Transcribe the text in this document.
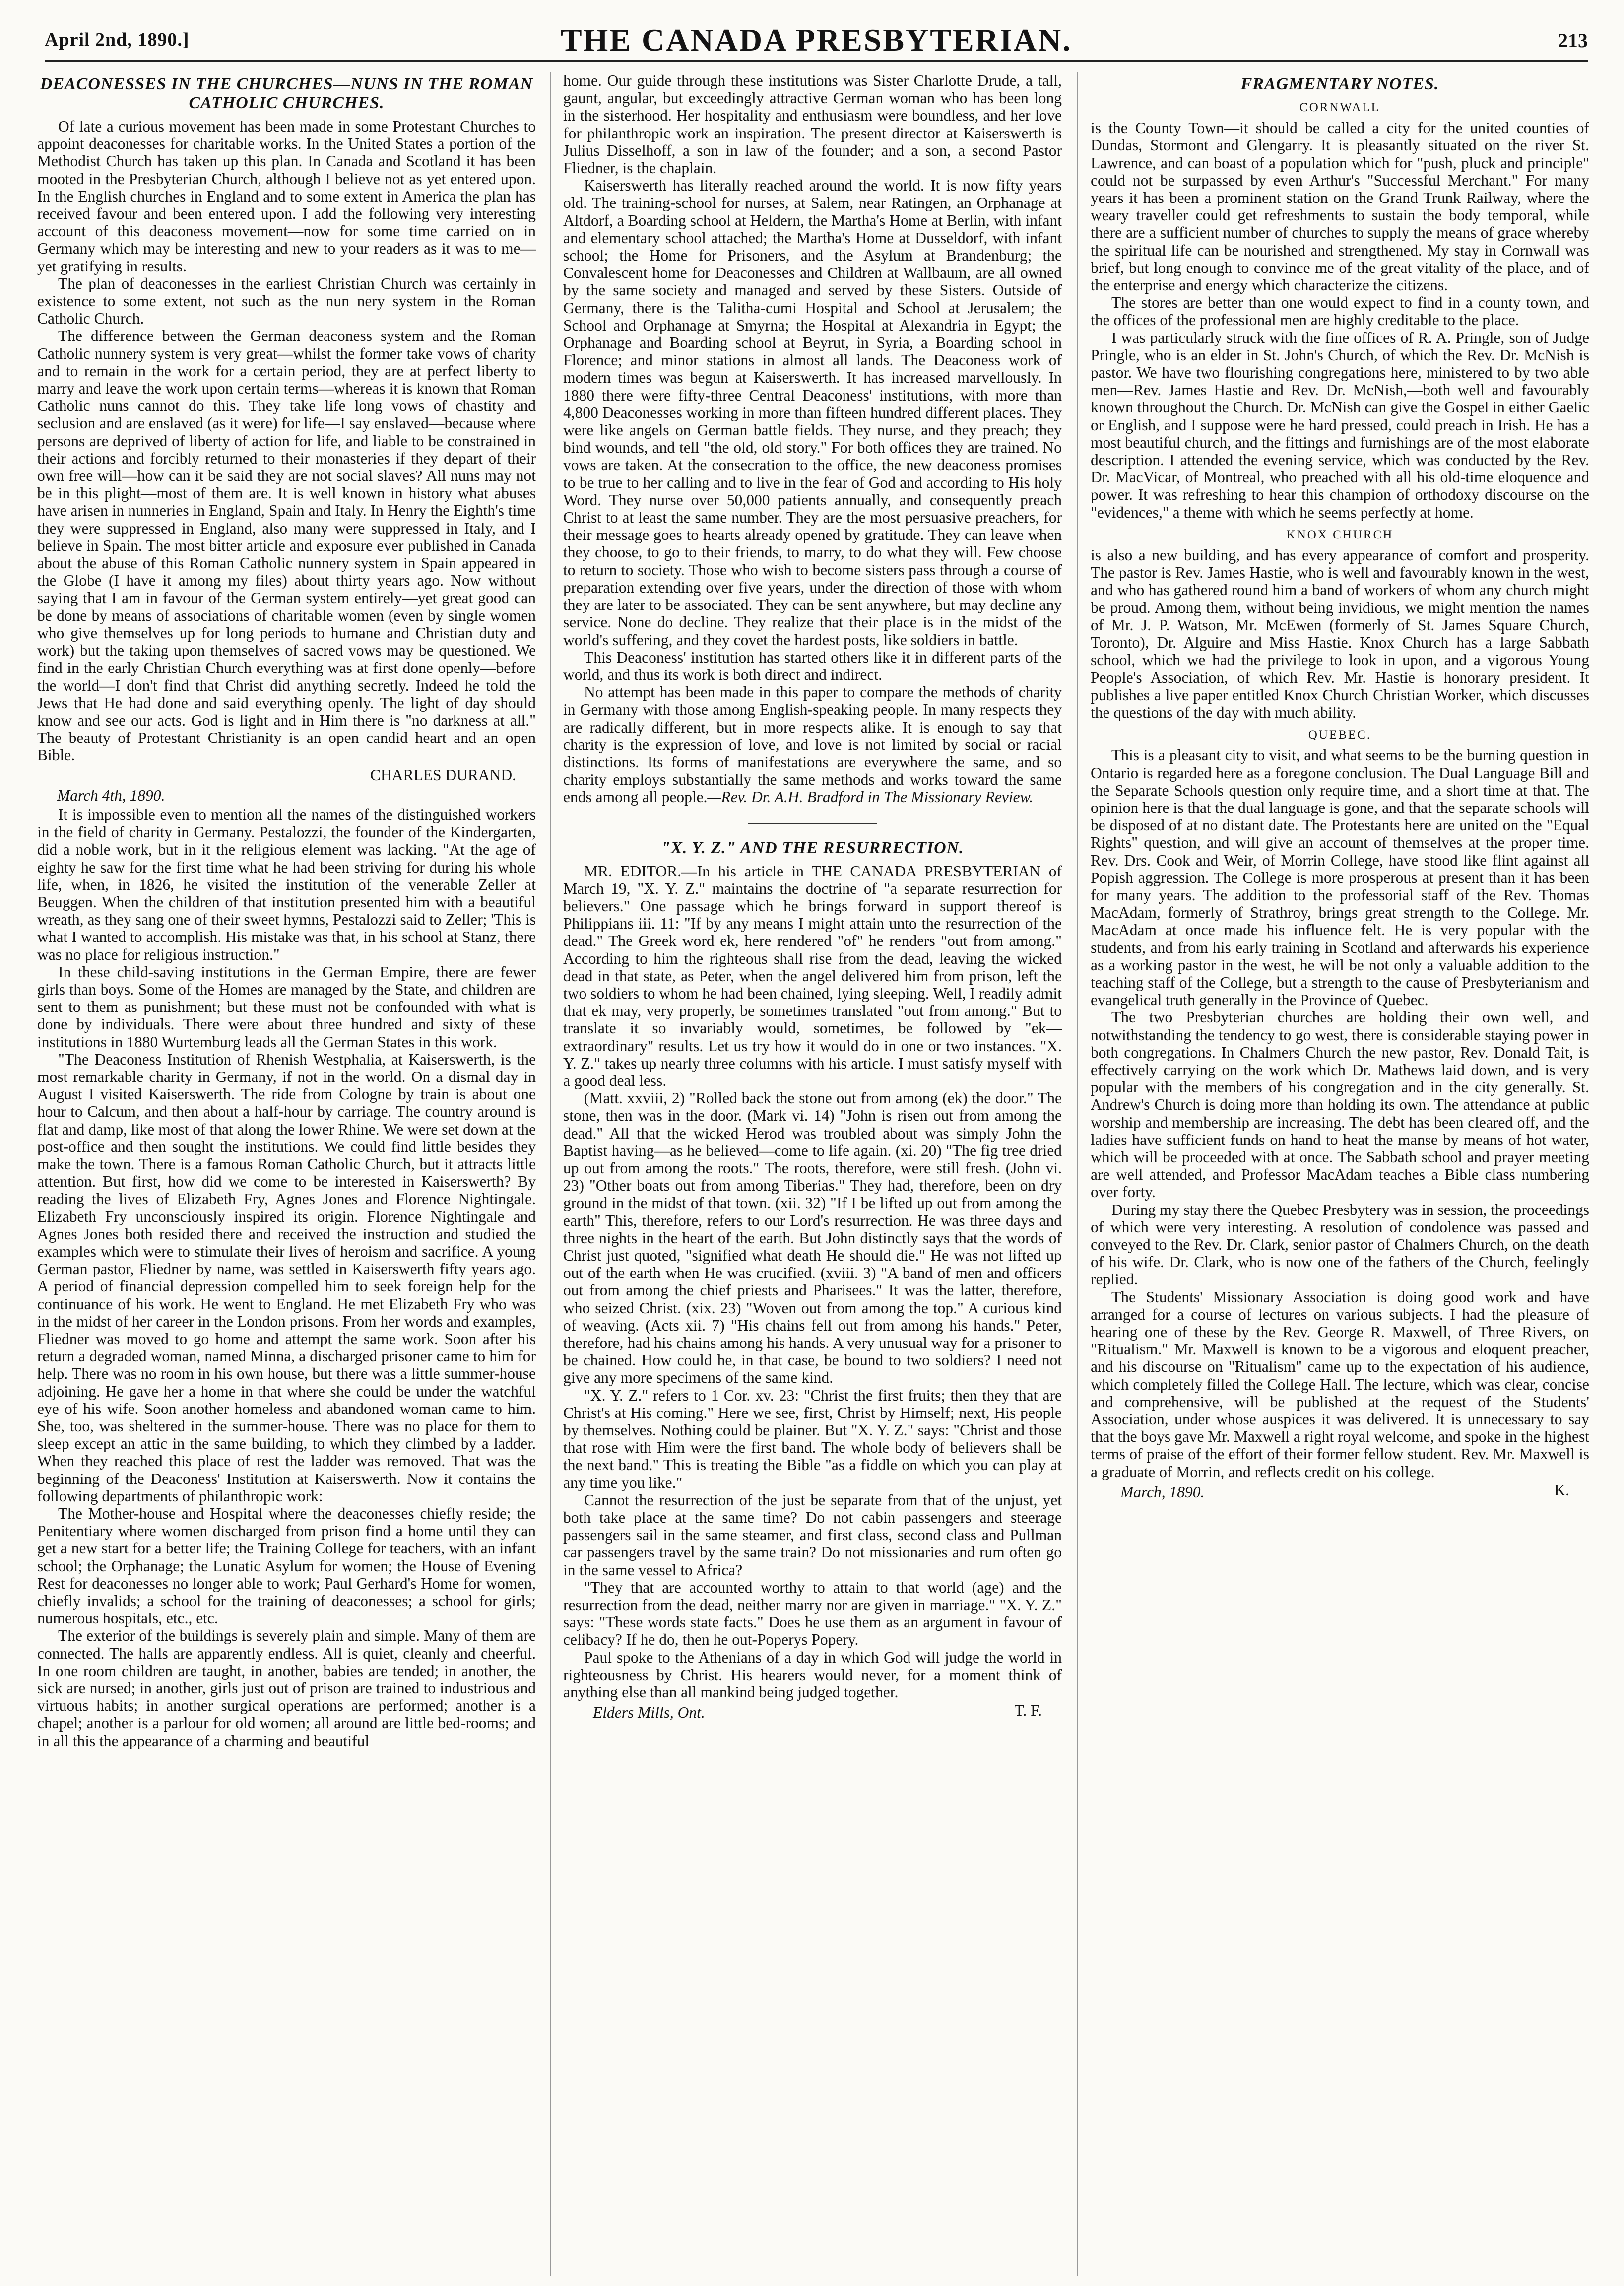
April 2nd, 1890.]	THE CANADA PRESBYTERIAN.	213
DEACONESSES IN THE CHURCHES—NUNS IN THE ROMAN CATHOLIC CHURCHES.

Of late a curious movement has been made in some Protestant Churches to appoint deaconesses for charitable works. In the United States a portion of the Methodist Church has taken up this plan. In Canada and Scotland it has been mooted in the Presbyterian Church, although I believe not as yet entered upon. In the English churches in England and to some extent in America the plan has received favour and been entered upon. I add the following very interesting account of this deaconess movement—now for some time carried on in Germany which may be interesting and new to your readers as it was to me—yet gratifying in results.

The plan of deaconesses in the earliest Christian Church was certainly in existence to some extent, not such as the nun nery system in the Roman Catholic Church.

The difference between the German deaconess system and the Roman Catholic nunnery system is very great—whilst the former take vows of charity and to remain in the work for a certain period, they are at perfect liberty to marry and leave the work upon certain terms—whereas it is known that Roman Catholic nuns cannot do this. They take life long vows of chastity and seclusion and are enslaved (as it were) for life—I say enslaved—because where persons are deprived of liberty of action for life, and liable to be constrained in their actions and forcibly returned to their monasteries if they depart of their own free will—how can it be said they are not social slaves? All nuns may not be in this plight—most of them are. It is well known in history what abuses have arisen in nunneries in England, Spain and Italy. In Henry the Eighth's time they were suppressed in England, also many were suppressed in Italy, and I believe in Spain. The most bitter article and exposure ever published in Canada about the abuse of this Roman Catholic nunnery system in Spain appeared in the Globe (I have it among my files) about thirty years ago. Now without saying that I am in favour of the German system entirely—yet great good can be done by means of associations of charitable women (even by single women who give themselves up for long periods to humane and Christian duty and work) but the taking upon themselves of sacred vows may be questioned. We find in the early Christian Church everything was at first done openly—before the world—I don't find that Christ did anything secretly. Indeed he told the Jews that He had done and said everything openly. The light of day should know and see our acts. God is light and in Him there is "no darkness at all." The beauty of Protestant Christianity is an open candid heart and an open Bible.

CHARLES DURAND.
March 4th, 1890.

It is impossible even to mention all the names of the distinguished workers in the field of charity in Germany. Pestalozzi, the founder of the Kindergarten, did a noble work, but in it the religious element was lacking. "At the age of eighty he saw for the first time what he had been striving for during his whole life, when, in 1826, he visited the institution of the venerable Zeller at Beuggen. When the children of that institution presented him with a beautiful wreath, as they sang one of their sweet hymns, Pestalozzi said to Zeller; 'This is what I wanted to accomplish. His mistake was that, in his school at Stanz, there was no place for religious instruction."

In these child-saving institutions in the German Empire, there are fewer girls than boys. Some of the Homes are managed by the State, and children are sent to them as punishment; but these must not be confounded with what is done by individuals. There were about three hundred and sixty of these institutions in 1880 Wurtemburg leads all the German States in this work.

"The Deaconess Institution of Rhenish Westphalia, at Kaiserswerth, is the most remarkable charity in Germany, if not in the world. On a dismal day in August I visited Kaiserswerth. The ride from Cologne by train is about one hour to Calcum, and then about a half-hour by carriage. The country around is flat and damp, like most of that along the lower Rhine. We were set down at the post-office and then sought the institutions. We could find little besides they make the town. There is a famous Roman Catholic Church, but it attracts little attention. But first, how did we come to be interested in Kaiserswerth? By reading the lives of Elizabeth Fry, Agnes Jones and Florence Nightingale. Elizabeth Fry unconsciously inspired its origin. Florence Nightingale and Agnes Jones both resided there and received the instruction and studied the examples which were to stimulate their lives of heroism and sacrifice. A young German pastor, Fliedner by name, was settled in Kaiserswerth fifty years ago. A period of financial depression compelled him to seek foreign help for the continuance of his work. He went to England. He met Elizabeth Fry who was in the midst of her career in the London prisons. From her words and examples, Fliedner was moved to go home and attempt the same work. Soon after his return a degraded woman, named Minna, a discharged prisoner came to him for help. There was no room in his own house, but there was a little summer-house adjoining. He gave her a home in that where she could be under the watchful eye of his wife. Soon another homeless and abandoned woman came to him. She, too, was sheltered in the summer-house. There was no place for them to sleep except an attic in the same building, to which they climbed by a ladder. When they reached this place of rest the ladder was removed. That was the beginning of the Deaconess' Institution at Kaiserswerth. Now it contains the following departments of philanthropic work:

The Mother-house and Hospital where the deaconesses chiefly reside; the Penitentiary where women discharged from prison find a home until they can get a new start for a better life; the Training College for teachers, with an infant school; the Orphanage; the Lunatic Asylum for women; the House of Evening Rest for deaconesses no longer able to work; Paul Gerhard's Home for women, chiefly invalids; a school for the training of deaconesses; a school for girls; numerous hospitals, etc., etc.

The exterior of the buildings is severely plain and simple. Many of them are connected. The halls are apparently endless. All is quiet, cleanly and cheerful. In one room children are taught, in another, babies are tended; in another, the sick are nursed; in another, girls just out of prison are trained to industrious and virtuous habits; in another surgical operations are performed; another is a chapel; another is a parlour for old women; all around are little bed-rooms; and in all this the appearance of a charming and beautiful

home. Our guide through these institutions was Sister Charlotte Drude, a tall, gaunt, angular, but exceedingly attractive German woman who has been long in the sisterhood. Her hospitality and enthusiasm were boundless, and her love for philanthropic work an inspiration. The present director at Kaiserswerth is Julius Disselhoff, a son in law of the founder; and a son, a second Pastor Fliedner, is the chaplain.

Kaiserswerth has literally reached around the world. It is now fifty years old. The training-school for nurses, at Salem, near Ratingen, an Orphanage at Altdorf, a Boarding school at Heldern, the Martha's Home at Berlin, with infant and elementary school attached; the Martha's Home at Dusseldorf, with infant school; the Home for Prisoners, and the Asylum at Brandenburg; the Convalescent home for Deaconesses and Children at Wallbaum, are all owned by the same society and managed and served by these Sisters. Outside of Germany, there is the Talitha-cumi Hospital and School at Jerusalem; the School and Orphanage at Smyrna; the Hospital at Alexandria in Egypt; the Orphanage and Boarding school at Beyrut, in Syria, a Boarding school in Florence; and minor stations in almost all lands. The Deaconess work of modern times was begun at Kaiserswerth. It has increased marvellously. In 1880 there were fifty-three Central Deaconess' institutions, with more than 4,800 Deaconesses working in more than fifteen hundred different places. They were like angels on German battle fields. They nurse, and they preach; they bind wounds, and tell "the old, old story." For both offices they are trained. No vows are taken. At the consecration to the office, the new deaconess promises to be true to her calling and to live in the fear of God and according to His holy Word. They nurse over 50,000 patients annually, and consequently preach Christ to at least the same number. They are the most persuasive preachers, for their message goes to hearts already opened by gratitude. They can leave when they choose, to go to their friends, to marry, to do what they will. Few choose to return to society. Those who wish to become sisters pass through a course of preparation extending over five years, under the direction of those with whom they are later to be associated. They can be sent anywhere, but may decline any service. None do decline. They realize that their place is in the midst of the world's suffering, and they covet the hardest posts, like soldiers in battle.

This Deaconess' institution has started others like it in different parts of the world, and thus its work is both direct and indirect.

No attempt has been made in this paper to compare the methods of charity in Germany with those among English-speaking people. In many respects they are radically different, but in more respects alike. It is enough to say that charity is the expression of love, and love is not limited by social or racial distinctions. Its forms of manifestations are everywhere the same, and so charity employs substantially the same methods and works toward the same ends among all people.—Rev. Dr. A.H. Bradford in The Missionary Review.

"X. Y. Z." AND THE RESURRECTION.

MR. EDITOR.—In his article in THE CANADA PRESBYTERIAN of March 19, "X. Y. Z." maintains the doctrine of "a separate resurrection for believers." One passage which he brings forward in support thereof is Philippians iii. 11: "If by any means I might attain unto the resurrection of the dead." The Greek word ek, here rendered "of" he renders "out from among." According to him the righteous shall rise from the dead, leaving the wicked dead in that state, as Peter, when the angel delivered him from prison, left the two soldiers to whom he had been chained, lying sleeping. Well, I readily admit that ek may, very properly, be sometimes translated "out from among." But to translate it so invariably would, sometimes, be followed by "ek—extraordinary" results. Let us try how it would do in one or two instances. "X. Y. Z." takes up nearly three columns with his article. I must satisfy myself with a good deal less.

(Matt. xxviii, 2) "Rolled back the stone out from among (ek) the door." The stone, then was in the door. (Mark vi. 14) "John is risen out from among the dead." All that the wicked Herod was troubled about was simply John the Baptist having—as he believed—come to life again. (xi. 20) "The fig tree dried up out from among the roots." The roots, therefore, were still fresh. (John vi. 23) "Other boats out from among Tiberias." They had, therefore, been on dry ground in the midst of that town. (xii. 32) "If I be lifted up out from among the earth" This, therefore, refers to our Lord's resurrection. He was three days and three nights in the heart of the earth. But John distinctly says that the words of Christ just quoted, "signified what death He should die." He was not lifted up out of the earth when He was crucified. (xviii. 3) "A band of men and officers out from among the chief priests and Pharisees." It was the latter, therefore, who seized Christ. (xix. 23) "Woven out from among the top." A curious kind of weaving. (Acts xii. 7) "His chains fell out from among his hands." Peter, therefore, had his chains among his hands. A very unusual way for a prisoner to be chained. How could he, in that case, be bound to two soldiers? I need not give any more specimens of the same kind.

"X. Y. Z." refers to 1 Cor. xv. 23: "Christ the first fruits; then they that are Christ's at His coming." Here we see, first, Christ by Himself; next, His people by themselves. Nothing could be plainer. But "X. Y. Z." says: "Christ and those that rose with Him were the first band. The whole body of believers shall be the next band." This is treating the Bible "as a fiddle on which you can play at any time you like."

Cannot the resurrection of the just be separate from that of the unjust, yet both take place at the same time? Do not cabin passengers and steerage passengers sail in the same steamer, and first class, second class and Pullman car passengers travel by the same train? Do not missionaries and rum often go in the same vessel to Africa?

"They that are accounted worthy to attain to that world (age) and the resurrection from the dead, neither marry nor are given in marriage." "X. Y. Z." says: "These words state facts." Does he use them as an argument in favour of celibacy? If he do, then he out-Poperys Popery.

Paul spoke to the Athenians of a day in which God will judge the world in righteousness by Christ. His hearers would never, for a moment think of anything else than all mankind being judged together.

Elders Mills, Ont.	T. F.
FRAGMENTARY NOTES.
CORNWALL

is the County Town—it should be called a city for the united counties of Dundas, Stormont and Glengarry. It is pleasantly situated on the river St. Lawrence, and can boast of a population which for "push, pluck and principle" could not be surpassed by even Arthur's "Successful Merchant." For many years it has been a prominent station on the Grand Trunk Railway, where the weary traveller could get refreshments to sustain the body temporal, while there are a sufficient number of churches to supply the means of grace whereby the spiritual life can be nourished and strengthened. My stay in Cornwall was brief, but long enough to convince me of the great vitality of the place, and of the enterprise and energy which characterize the citizens.

The stores are better than one would expect to find in a county town, and the offices of the professional men are highly creditable to the place.

I was particularly struck with the fine offices of R. A. Pringle, son of Judge Pringle, who is an elder in St. John's Church, of which the Rev. Dr. McNish is pastor. We have two flourishing congregations here, ministered to by two able men—Rev. James Hastie and Rev. Dr. McNish,—both well and favourably known throughout the Church. Dr. McNish can give the Gospel in either Gaelic or English, and I suppose were he hard pressed, could preach in Irish. He has a most beautiful church, and the fittings and furnishings are of the most elaborate description. I attended the evening service, which was conducted by the Rev. Dr. MacVicar, of Montreal, who preached with all his old-time eloquence and power. It was refreshing to hear this champion of orthodoxy discourse on the "evidences," a theme with which he seems perfectly at home.

KNOX CHURCH

is also a new building, and has every appearance of comfort and prosperity. The pastor is Rev. James Hastie, who is well and favourably known in the west, and who has gathered round him a band of workers of whom any church might be proud. Among them, without being invidious, we might mention the names of Mr. J. P. Watson, Mr. McEwen (formerly of St. James Square Church, Toronto), Dr. Alguire and Miss Hastie. Knox Church has a large Sabbath school, which we had the privilege to look in upon, and a vigorous Young People's Association, of which Rev. Mr. Hastie is honorary president. It publishes a live paper entitled Knox Church Christian Worker, which discusses the questions of the day with much ability.

QUEBEC.

This is a pleasant city to visit, and what seems to be the burning question in Ontario is regarded here as a foregone conclusion. The Dual Language Bill and the Separate Schools question only require time, and a short time at that. The opinion here is that the dual language is gone, and that the separate schools will be disposed of at no distant date. The Protestants here are united on the "Equal Rights" question, and will give an account of themselves at the proper time. Rev. Drs. Cook and Weir, of Morrin College, have stood like flint against all Popish aggression. The College is more prosperous at present than it has been for many years. The addition to the professorial staff of the Rev. Thomas MacAdam, formerly of Strathroy, brings great strength to the College. Mr. MacAdam at once made his influence felt. He is very popular with the students, and from his early training in Scotland and afterwards his experience as a working pastor in the west, he will be not only a valuable addition to the teaching staff of the College, but a strength to the cause of Presbyterianism and evangelical truth generally in the Province of Quebec.

The two Presbyterian churches are holding their own well, and notwithstanding the tendency to go west, there is considerable staying power in both congregations. In Chalmers Church the new pastor, Rev. Donald Tait, is effectively carrying on the work which Dr. Mathews laid down, and is very popular with the members of his congregation and in the city generally. St. Andrew's Church is doing more than holding its own. The attendance at public worship and membership are increasing. The debt has been cleared off, and the ladies have sufficient funds on hand to heat the manse by means of hot water, which will be proceeded with at once. The Sabbath school and prayer meeting are well attended, and Professor MacAdam teaches a Bible class numbering over forty.

During my stay there the Quebec Presbytery was in session, the proceedings of which were very interesting. A resolution of condolence was passed and conveyed to the Rev. Dr. Clark, senior pastor of Chalmers Church, on the death of his wife. Dr. Clark, who is now one of the fathers of the Church, feelingly replied.

The Students' Missionary Association is doing good work and have arranged for a course of lectures on various subjects. I had the pleasure of hearing one of these by the Rev. George R. Maxwell, of Three Rivers, on "Ritualism." Mr. Maxwell is known to be a vigorous and eloquent preacher, and his discourse on "Ritualism" came up to the expectation of his audience, which completely filled the College Hall. The lecture, which was clear, concise and comprehensive, will be published at the request of the Students' Association, under whose auspices it was delivered. It is unnecessary to say that the boys gave Mr. Maxwell a right royal welcome, and spoke in the highest terms of praise of the effort of their former fellow student. Rev. Mr. Maxwell is a graduate of Morrin, and reflects credit on his college.

March, 1890.	K.
